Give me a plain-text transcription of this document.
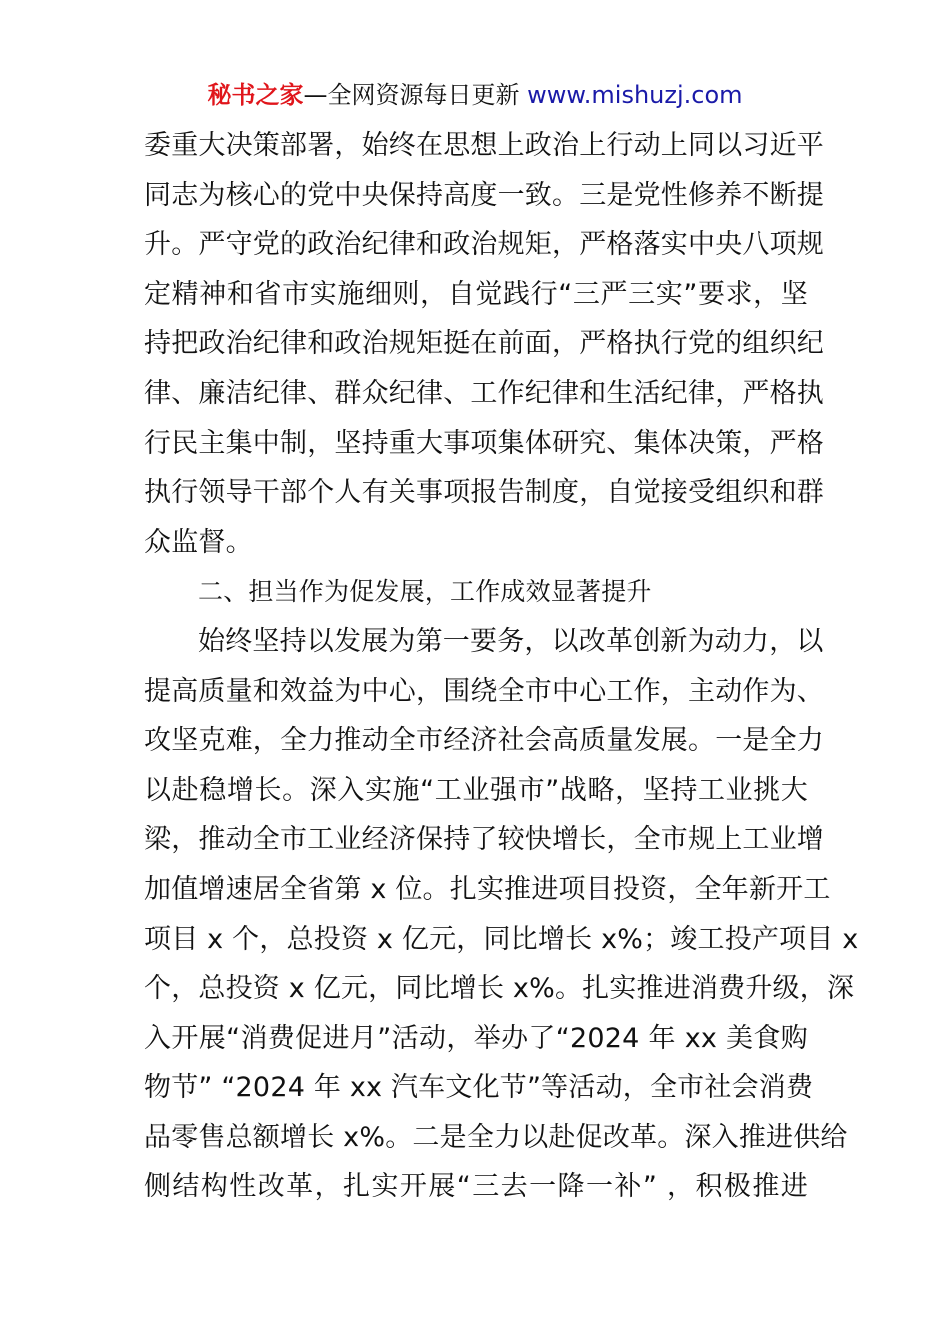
秘书之家—全网资源每日更新 www.mishuzj.com
委重大决策部署，始终在思想上政治上行动上同以习近平
同志为核心的党中央保持高度一致。三是党性修养不断提
升。严守党的政治纪律和政治规矩，严格落实中央八项规
定精神和省市实施细则，自觉践行“三严三实”要求，坚
持把政治纪律和政治规矩挺在前面，严格执行党的组织纪
律、廉洁纪律、群众纪律、工作纪律和生活纪律，严格执
行民主集中制，坚持重大事项集体研究、集体决策，严格
执行领导干部个人有关事项报告制度，自觉接受组织和群
众监督。
二、担当作为促发展，工作成效显著提升
始终坚持以发展为第一要务，以改革创新为动力，以
提高质量和效益为中心，围绕全市中心工作，主动作为、
攻坚克难，全力推动全市经济社会高质量发展。一是全力
以赴稳增长。深入实施“工业强市”战略，坚持工业挑大
梁，推动全市工业经济保持了较快增长，全市规上工业增
加值增速居全省第 x 位。扎实推进项目投资，全年新开工
项目 x 个，总投资 x 亿元，同比增长 x%；竣工投产项目 x
个，总投资 x 亿元，同比增长 x%。扎实推进消费升级，深
入开展“消费促进月”活动，举办了“2024 年 xx 美食购
物节” “2024 年 xx 汽车文化节”等活动，全市社会消费
品零售总额增长 x%。二是全力以赴促改革。深入推进供给
侧结构性改革，扎实开展“三去一降一补” ，积极推进
